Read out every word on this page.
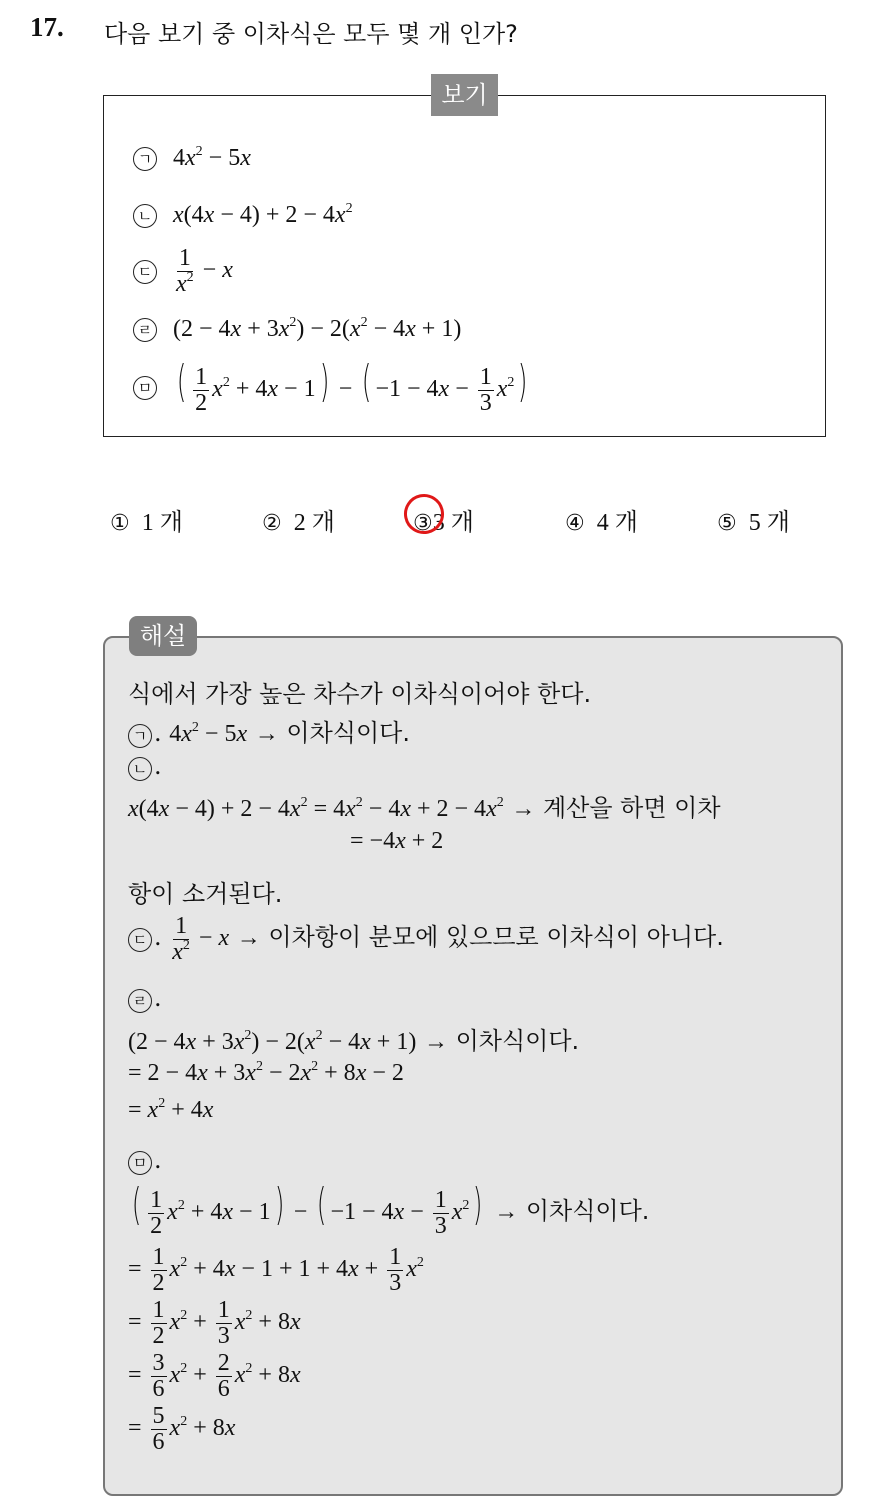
17. 다음 보기 중 이차식은 모두 몇 개 인가?
보기
ㄱ $4x^2 - 5x$
ㄴ $x(4x - 4) + 2 - 4x^2$
ㄷ $\frac{1}{x^2} - x$
ㄹ $(2 - 4x + 3x^2) - 2(x^2 - 4x + 1)$
ㅁ ( $\frac{1}{2} x^2 + 4x - 1$) − ( $-1 - 4x - \frac{1}{3} x^2$)
① 1 개	② 2 개	③3 개	④ 4 개	⑤ 5 개
해설
식에서 가장 높은 차수가 이차식이어야 한다.
ㄱ . $4x^2 - 5x$ → 이차식이다.
ㄴ .
$x(4x - 4) + 2 - 4x^2 = 4x^2 - 4x + 2 - 4x^2$ → 계산을 하면 이차
= −4x + 2
항이 소거된다.
ㄷ . $\frac{1}{x^2} - x$ → 이차항이 분모에 있으므로 이차식이 아니다.
ㄹ .
$(2 - 4x + 3x^2) - 2(x^2 - 4x + 1)$ → 이차식이다.
= $2 - 4x + 3x^2 - 2x^2 + 8x - 2$
= $x^2 + 4x$
ㅁ .
( $\frac{1}{2} x^2 + 4x - 1$) − ( $-1 - 4x - \frac{1}{3} x^2$) → 이차식이다.
= $\frac{1}{2} x^2 + 4x - 1 + 1 + 4x + \frac{1}{3} x^2$
= $\frac{1}{2} x^2 + \frac{1}{3} x^2 + 8x$
= $\frac{3}{6} x^2 + \frac{2}{6} x^2 + 8x$
= $\frac{5}{6} x^2 + 8x$
